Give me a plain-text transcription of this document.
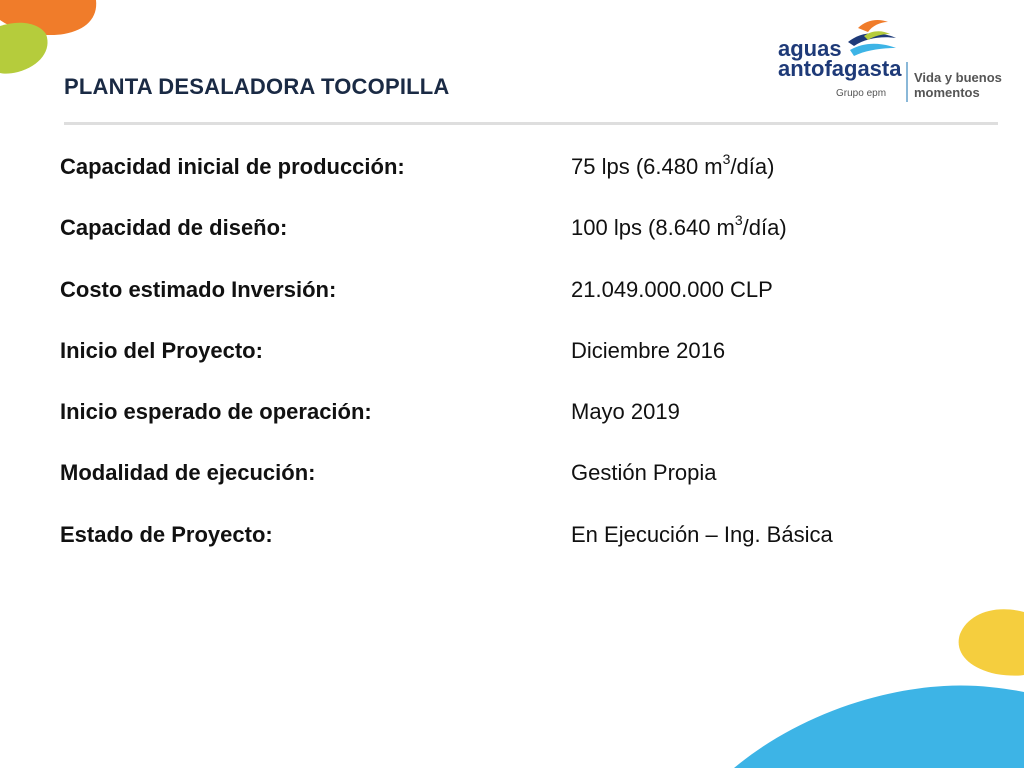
PLANTA DESALADORA TOCOPILLA
aguas
antofagasta
Grupo epm
Vida y buenos
momentos
Capacidad inicial de producción:	75 lps (6.480 $m^3/día$)
Capacidad de diseño:	100 lps (8.640 $m^3/día$)
Costo estimado Inversión:	21.049.000.000 CLP
Inicio del Proyecto:	Diciembre 2016
Inicio esperado de operación:	Mayo 2019
Modalidad de ejecución:	Gestión Propia
Estado de Proyecto:	En Ejecución – Ing. Básica
